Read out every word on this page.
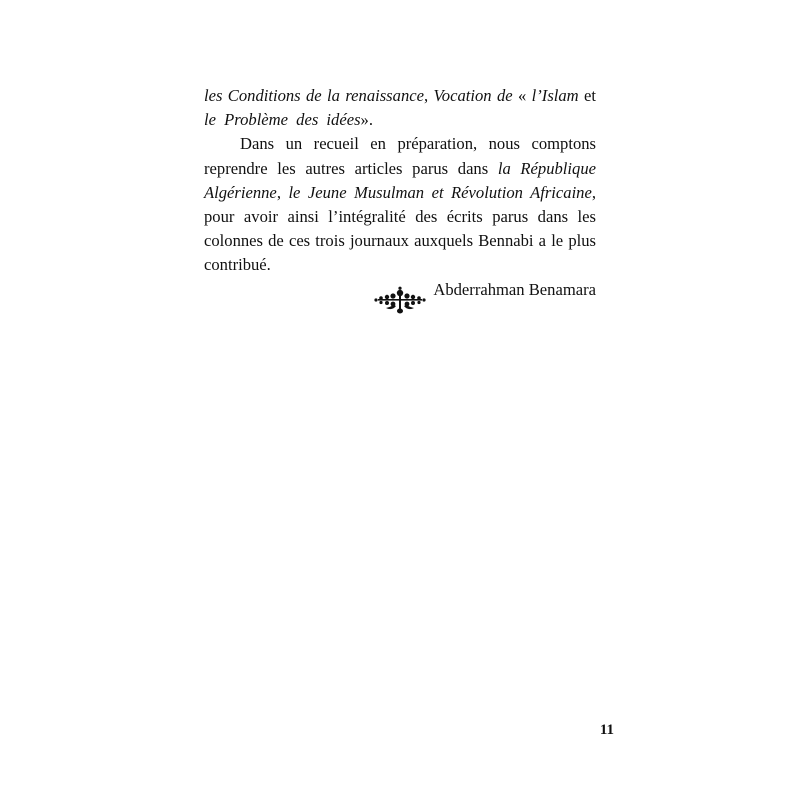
les Conditions de la renaissance, Vocation de « l’Islam et le Problème des idées».

Dans un recueil en préparation, nous comptons reprendre les autres articles parus dans la République Algérienne, le Jeune Musulman et Révolution Africaine, pour avoir ainsi l’intégralité des écrits parus dans les colonnes de ces trois journaux auxquels Bennabi a le plus contribué.

Abderrahman Benamara

11
